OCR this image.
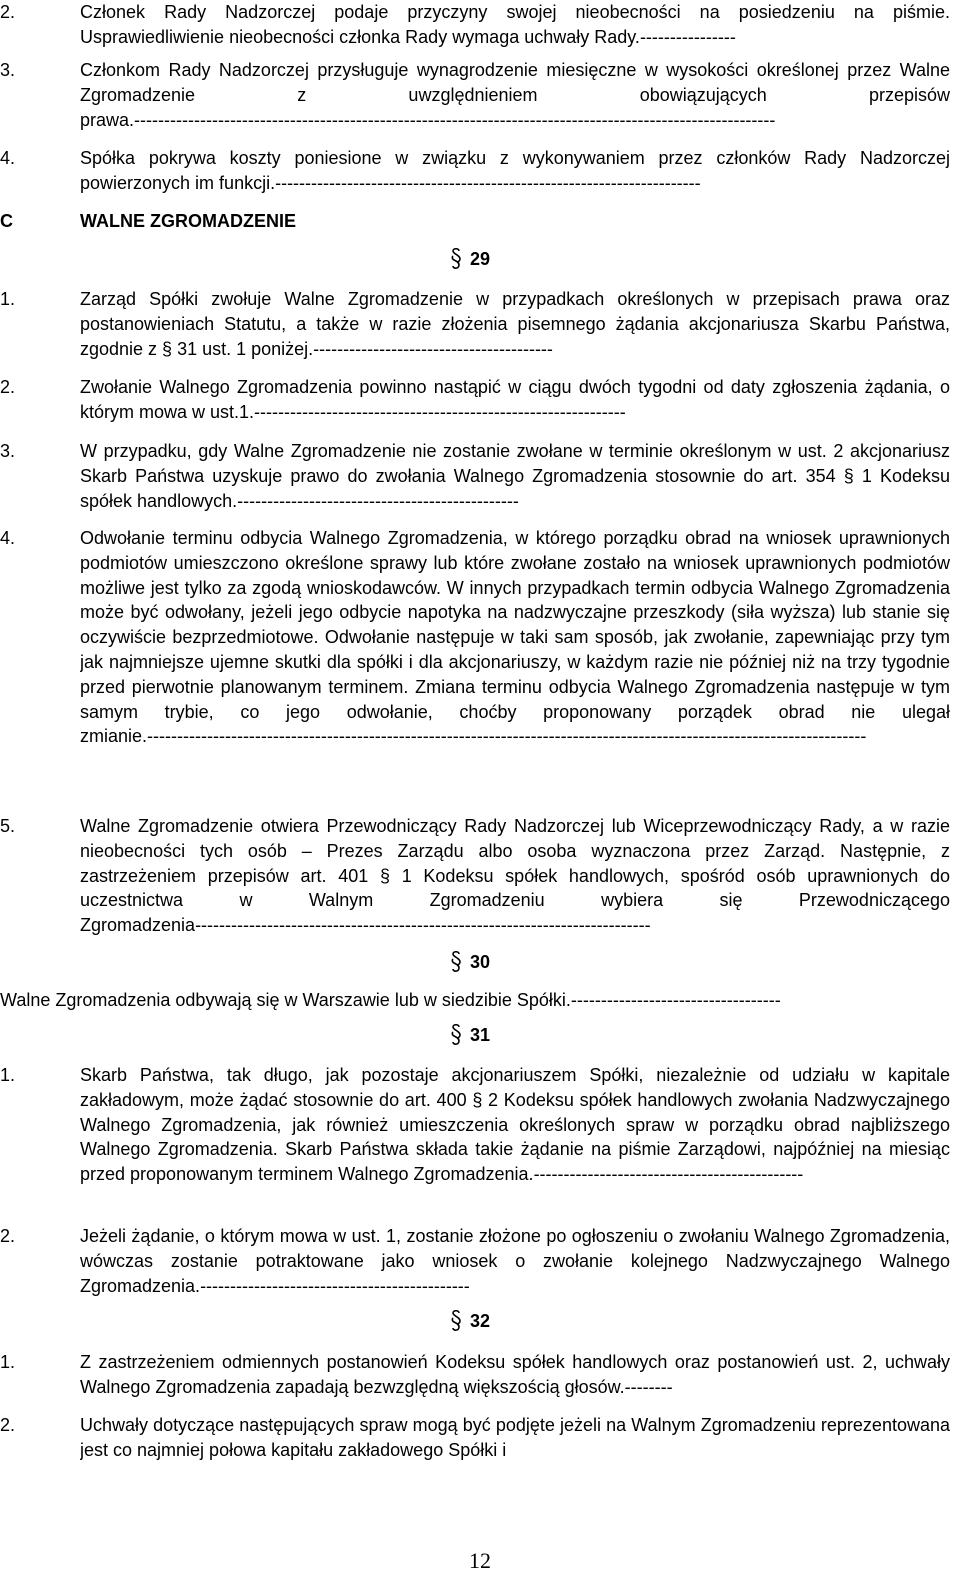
2.	Członek Rady Nadzorczej podaje przyczyny swojej nieobecności na posiedzeniu na piśmie. Usprawiedliwienie nieobecności członka Rady wymaga uchwały Rady.----------------
3.	Członkom Rady Nadzorczej przysługuje wynagrodzenie miesięczne w wysokości określonej przez Walne Zgromadzenie z uwzględnieniem obowiązujących przepisów prawa.-----------------------------------------------------------------------------------------------------------
4.	Spółka pokrywa koszty poniesione w związku z wykonywaniem przez członków Rady Nadzorczej powierzonych im funkcji.-----------------------------------------------------------------------
C	WALNE ZGROMADZENIE
29
1.	Zarząd Spółki zwołuje Walne Zgromadzenie w przypadkach określonych w przepisach prawa oraz postanowieniach Statutu, a także w razie złożenia pisemnego żądania akcjonariusza Skarbu Państwa, zgodnie z § 31 ust. 1 poniżej.----------------------------------------
2.	Zwołanie Walnego Zgromadzenia powinno nastąpić w ciągu dwóch tygodni od daty zgłoszenia żądania, o którym mowa w ust.1.--------------------------------------------------------------
3.	W przypadku, gdy Walne Zgromadzenie nie zostanie zwołane w terminie określonym w ust. 2 akcjonariusz Skarb Państwa uzyskuje prawo do zwołania Walnego Zgromadzenia stosownie do art. 354 § 1 Kodeksu spółek handlowych.-----------------------------------------------
4.	Odwołanie terminu odbycia Walnego Zgromadzenia, w którego porządku obrad na wniosek uprawnionych podmiotów umieszczono określone sprawy lub które zwołane zostało na wniosek uprawnionych podmiotów możliwe jest tylko za zgodą wnioskodawców. W innych przypadkach termin odbycia Walnego Zgromadzenia może być odwołany, jeżeli jego odbycie napotyka na nadzwyczajne przeszkody (siła wyższa) lub stanie się oczywiście bezprzedmiotowe. Odwołanie następuje w taki sam sposób, jak zwołanie, zapewniając przy tym jak najmniejsze ujemne skutki dla spółki i dla akcjonariuszy, w każdym razie nie później niż na trzy tygodnie przed pierwotnie planowanym terminem. Zmiana terminu odbycia Walnego Zgromadzenia następuje w tym samym trybie, co jego odwołanie, choćby proponowany porządek obrad nie ulegał zmianie.------------------------------------------------------------------------------------------------------------------------
5.	Walne Zgromadzenie otwiera Przewodniczący Rady Nadzorczej lub Wiceprzewodniczący Rady, a w razie nieobecności tych osób – Prezes Zarządu albo osoba wyznaczona przez Zarząd. Następnie, z zastrzeżeniem przepisów art. 401 § 1 Kodeksu spółek handlowych, spośród osób uprawnionych do uczestnictwa w Walnym Zgromadzeniu wybiera się Przewodniczącego Zgromadzenia----------------------------------------------------------------------------
30
Walne Zgromadzenia odbywają się w Warszawie lub w siedzibie Spółki.-----------------------------------
31
1.	Skarb Państwa, tak długo, jak pozostaje akcjonariuszem Spółki, niezależnie od udziału w kapitale zakładowym, może żądać stosownie do art. 400 § 2 Kodeksu spółek handlowych zwołania Nadzwyczajnego Walnego Zgromadzenia, jak również umieszczenia określonych spraw w porządku obrad najbliższego Walnego Zgromadzenia. Skarb Państwa składa takie żądanie na piśmie Zarządowi, najpóźniej na miesiąc przed proponowanym terminem Walnego Zgromadzenia.---------------------------------------------
2.	Jeżeli żądanie, o którym mowa w ust. 1, zostanie złożone po ogłoszeniu o zwołaniu Walnego Zgromadzenia, wówczas zostanie potraktowane jako wniosek o zwołanie kolejnego Nadzwyczajnego Walnego Zgromadzenia.---------------------------------------------
32
1.	Z zastrzeżeniem odmiennych postanowień Kodeksu spółek handlowych oraz postanowień ust. 2, uchwały Walnego Zgromadzenia zapadają bezwzględną większością głosów.--------
2.	Uchwały dotyczące następujących spraw mogą być podjęte jeżeli na Walnym Zgromadzeniu reprezentowana jest co najmniej połowa kapitału zakładowego Spółki i
12
